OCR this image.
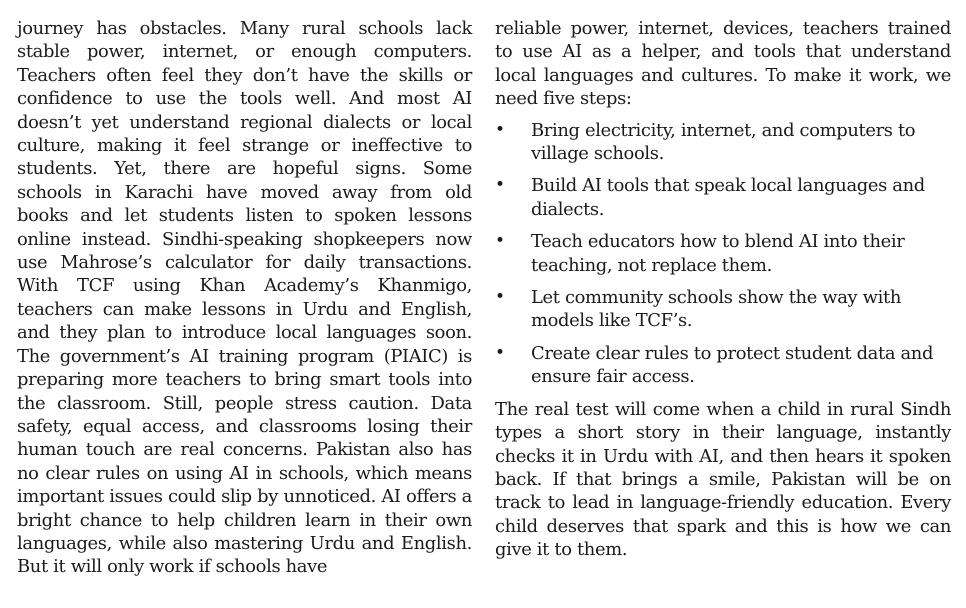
journey has obstacles. Many rural schools lack stable power, internet, or enough computers. Teachers often feel they don’t have the skills or confidence to use the tools well. And most AI doesn’t yet understand regional dialects or local culture, making it feel strange or ineffective to students. Yet, there are hopeful signs. Some schools in Karachi have moved away from old books and let students listen to spoken lessons online instead. Sindhi-speaking shopkeepers now use Mahrose’s calculator for daily transactions. With TCF using Khan Academy’s Khanmigo, teachers can make lessons in Urdu and English, and they plan to introduce local languages soon. The government’s AI training program (PIAIC) is preparing more teachers to bring smart tools into the classroom. Still, people stress caution. Data safety, equal access, and classrooms losing their human touch are real concerns. Pakistan also has no clear rules on using AI in schools, which means important issues could slip by unnoticed. AI offers a bright chance to help children learn in their own languages, while also mastering Urdu and English. But it will only work if schools have

reliable power, internet, devices, teachers trained to use AI as a helper, and tools that understand local languages and cultures. To make it work, we need five steps:

• Bring electricity, internet, and computers to village schools.
• Build AI tools that speak local languages and dialects.
• Teach educators how to blend AI into their teaching, not replace them.
• Let community schools show the way with models like TCF’s.
• Create clear rules to protect student data and ensure fair access.

The real test will come when a child in rural Sindh types a short story in their language, instantly checks it in Urdu with AI, and then hears it spoken back. If that brings a smile, Pakistan will be on track to lead in language-friendly education. Every child deserves that spark and this is how we can give it to them.
